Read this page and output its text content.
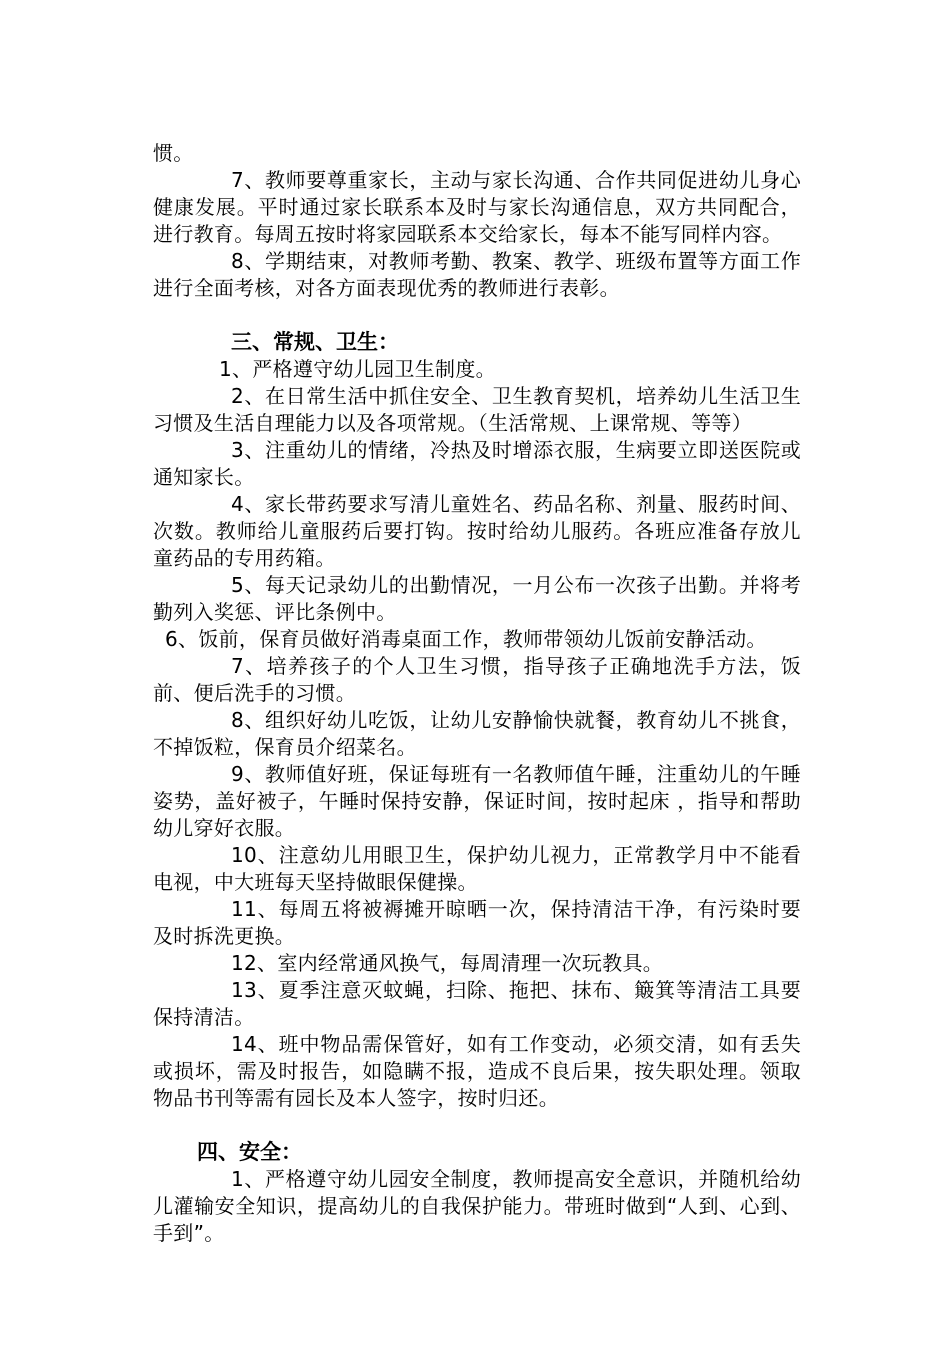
惯。

7、教师要尊重家长，主动与家长沟通、合作共同促进幼儿身心健康发展。平时通过家长联系本及时与家长沟通信息，双方共同配合，进行教育。每周五按时将家园联系本交给家长，每本不能写同样内容。

8、学期结束，对教师考勤、教案、教学、班级布置等方面工作进行全面考核，对各方面表现优秀的教师进行表彰。

三、常规、卫生：

1、严格遵守幼儿园卫生制度。

2、在日常生活中抓住安全、卫生教育契机，培养幼儿生活卫生习惯及生活自理能力以及各项常规。（生活常规、上课常规、等等）

3、注重幼儿的情绪，冷热及时增添衣服，生病要立即送医院或通知家长。

4、家长带药要求写清儿童姓名、药品名称、剂量、服药时间、次数。教师给儿童服药后要打钩。按时给幼儿服药。各班应准备存放儿童药品的专用药箱。

5、每天记录幼儿的出勤情况，一月公布一次孩子出勤。并将考勤列入奖惩、评比条例中。

6、饭前，保育员做好消毒桌面工作，教师带领幼儿饭前安静活动。

7、培养孩子的个人卫生习惯，指导孩子正确地洗手方法，饭前、便后洗手的习惯。

8、组织好幼儿吃饭，让幼儿安静愉快就餐，教育幼儿不挑食，不掉饭粒，保育员介绍菜名。

9、教师值好班，保证每班有一名教师值午睡，注重幼儿的午睡姿势，盖好被子，午睡时保持安静，保证时间，按时起床 ，指导和帮助幼儿穿好衣服。

10、注意幼儿用眼卫生，保护幼儿视力，正常教学月中不能看电视，中大班每天坚持做眼保健操。

11、每周五将被褥摊开晾晒一次，保持清洁干净，有污染时要及时拆洗更换。

12、室内经常通风换气，每周清理一次玩教具。

13、夏季注意灭蚊蝇，扫除、拖把、抹布、簸箕等清洁工具要保持清洁。

14、班中物品需保管好，如有工作变动，必须交清，如有丢失或损坏，需及时报告，如隐瞒不报，造成不良后果，按失职处理。领取物品书刊等需有园长及本人签字，按时归还。

四、安全：

1、严格遵守幼儿园安全制度，教师提高安全意识，并随机给幼儿灌输安全知识，提高幼儿的自我保护能力。带班时做到“人到、心到、手到”。
